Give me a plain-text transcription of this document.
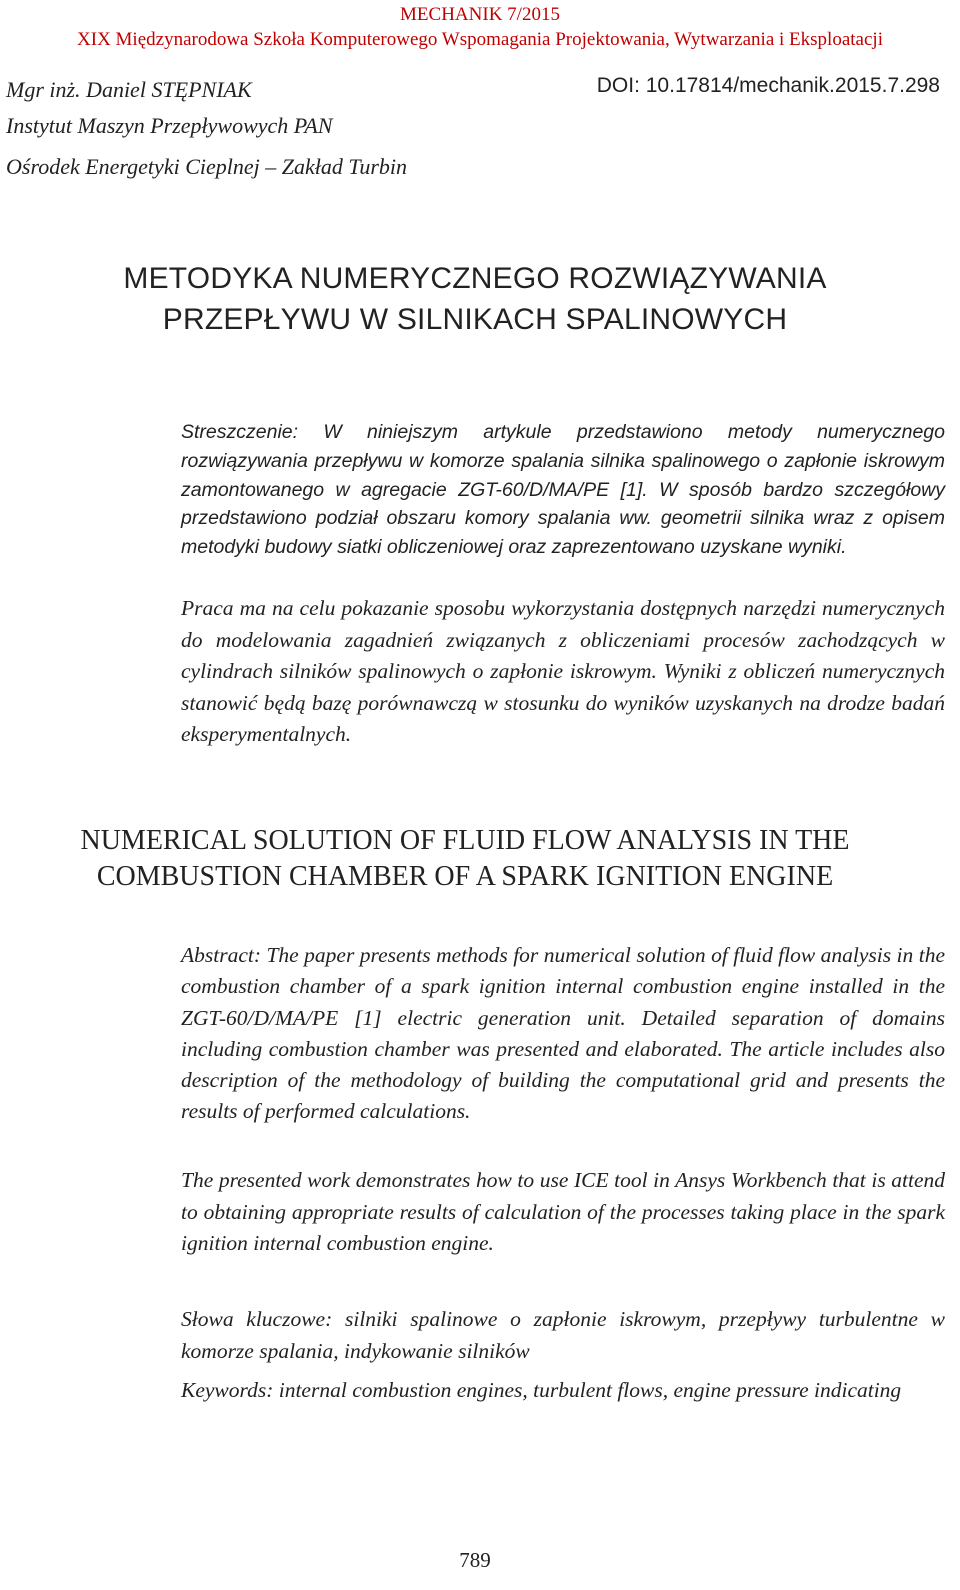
MECHANIK 7/2015
XIX Międzynarodowa Szkoła Komputerowego Wspomagania Projektowania, Wytwarzania i Eksploatacji
Mgr inż. Daniel STĘPNIAK
Instytut Maszyn Przepływowych PAN
Ośrodek Energetyki Cieplnej – Zakład Turbin
DOI: 10.17814/mechanik.2015.7.298
METODYKA NUMERYCZNEGO ROZWIĄZYWANIA
PRZEPŁYWU W SILNIKACH SPALINOWYCH

Streszczenie: W niniejszym artykule przedstawiono metody numerycznego rozwiązywania przepływu w komorze spalania silnika spalinowego o zapłonie iskrowym zamontowanego w agregacie ZGT-60/D/MA/PE [1]. W sposób bardzo szczegółowy przedstawiono podział obszaru komory spalania ww. geometrii silnika wraz z opisem metodyki budowy siatki obliczeniowej oraz zaprezentowano uzyskane wyniki.

Praca ma na celu pokazanie sposobu wykorzystania dostępnych narzędzi numerycznych do modelowania zagadnień związanych z obliczeniami procesów zachodzących w cylindrach silników spalinowych o zapłonie iskrowym. Wyniki z obliczeń numerycznych stanowić będą bazę porównawczą w stosunku do wyników uzyskanych na drodze badań eksperymentalnych.

NUMERICAL SOLUTION OF FLUID FLOW ANALYSIS IN THE
COMBUSTION CHAMBER OF A SPARK IGNITION ENGINE

Abstract: The paper presents methods for numerical solution of fluid flow analysis in the combustion chamber of a spark ignition internal combustion engine installed in the ZGT-60/D/MA/PE [1] electric generation unit. Detailed separation of domains including combustion chamber was presented and elaborated. The article includes also description of the methodology of building the computational grid and presents the results of performed calculations.

The presented work demonstrates how to use ICE tool in Ansys Workbench that is attend to obtaining appropriate results of calculation of the processes taking place in the spark ignition internal combustion engine.

Słowa kluczowe: silniki spalinowe o zapłonie iskrowym, przepływy turbulentne w komorze spalania, indykowanie silników

Keywords: internal combustion engines, turbulent flows, engine pressure indicating

789
